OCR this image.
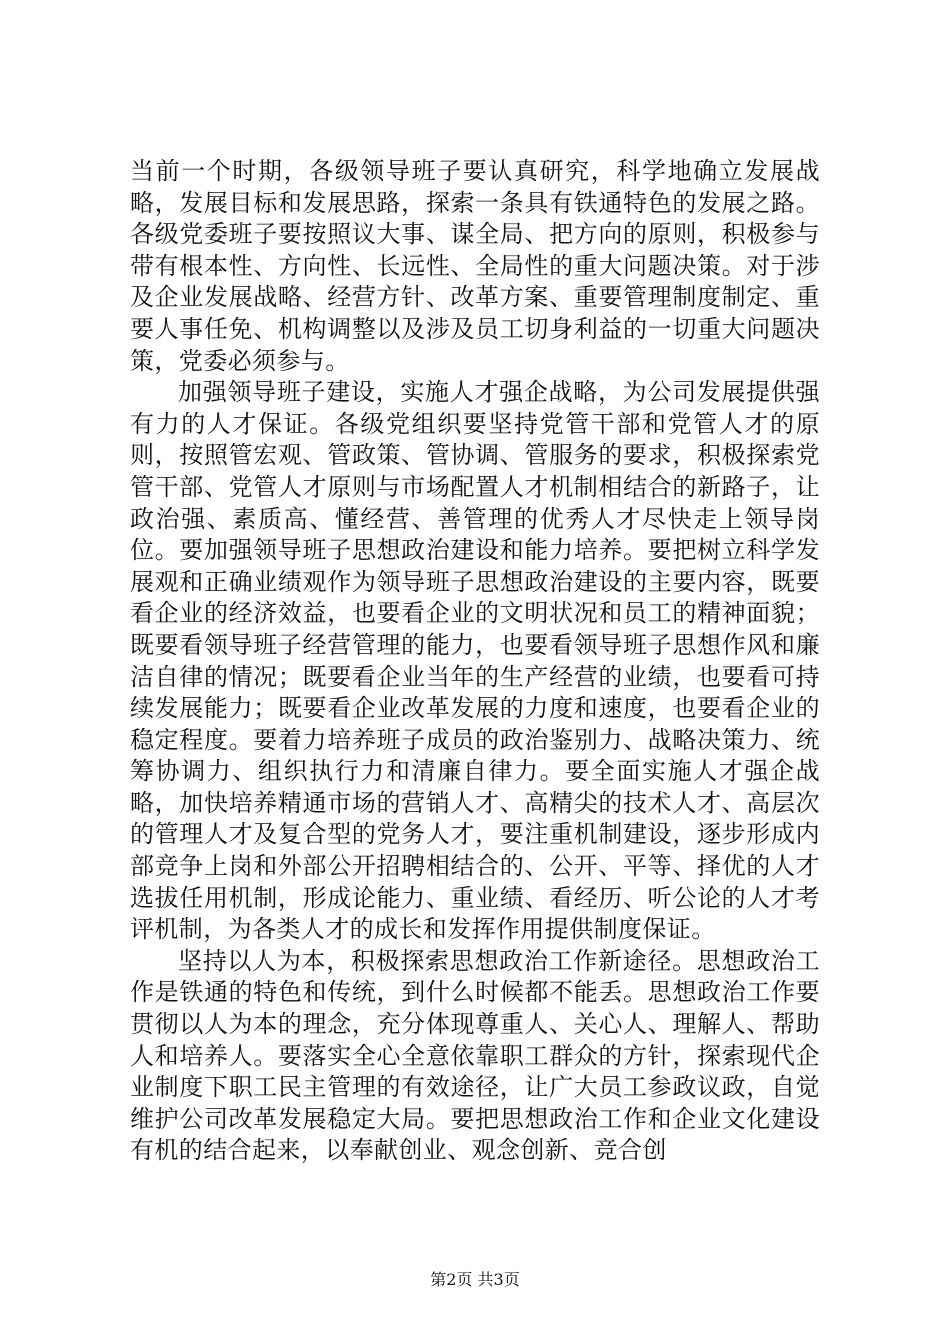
当前一个时期，各级领导班子要认真研究，科学地确立发展战略，发展目标和发展思路，探索一条具有铁通特色的发展之路。各级党委班子要按照议大事、谋全局、把方向的原则，积极参与带有根本性、方向性、长远性、全局性的重大问题决策。对于涉及企业发展战略、经营方针、改革方案、重要管理制度制定、重要人事任免、机构调整以及涉及员工切身利益的一切重大问题决策，党委必须参与。

加强领导班子建设，实施人才强企战略，为公司发展提供强有力的人才保证。各级党组织要坚持党管干部和党管人才的原则，按照管宏观、管政策、管协调、管服务的要求，积极探索党管干部、党管人才原则与市场配置人才机制相结合的新路子，让政治强、素质高、懂经营、善管理的优秀人才尽快走上领导岗位。要加强领导班子思想政治建设和能力培养。要把树立科学发展观和正确业绩观作为领导班子思想政治建设的主要内容，既要看企业的经济效益，也要看企业的文明状况和员工的精神面貌；既要看领导班子经营管理的能力，也要看领导班子思想作风和廉洁自律的情况；既要看企业当年的生产经营的业绩，也要看可持续发展能力；既要看企业改革发展的力度和速度，也要看企业的稳定程度。要着力培养班子成员的政治鉴别力、战略决策力、统筹协调力、组织执行力和清廉自律力。要全面实施人才强企战略，加快培养精通市场的营销人才、高精尖的技术人才、高层次的管理人才及复合型的党务人才，要注重机制建设，逐步形成内部竞争上岗和外部公开招聘相结合的、公开、平等、择优的人才选拔任用机制，形成论能力、重业绩、看经历、听公论的人才考评机制，为各类人才的成长和发挥作用提供制度保证。

坚持以人为本，积极探索思想政治工作新途径。思想政治工作是铁通的特色和传统，到什么时候都不能丢。思想政治工作要贯彻以人为本的理念，充分体现尊重人、关心人、理解人、帮助人和培养人。要落实全心全意依靠职工群众的方针，探索现代企业制度下职工民主管理的有效途径，让广大员工参政议政，自觉维护公司改革发展稳定大局。要把思想政治工作和企业文化建设有机的结合起来，以奉献创业、观念创新、竞合创

第2页 共3页
